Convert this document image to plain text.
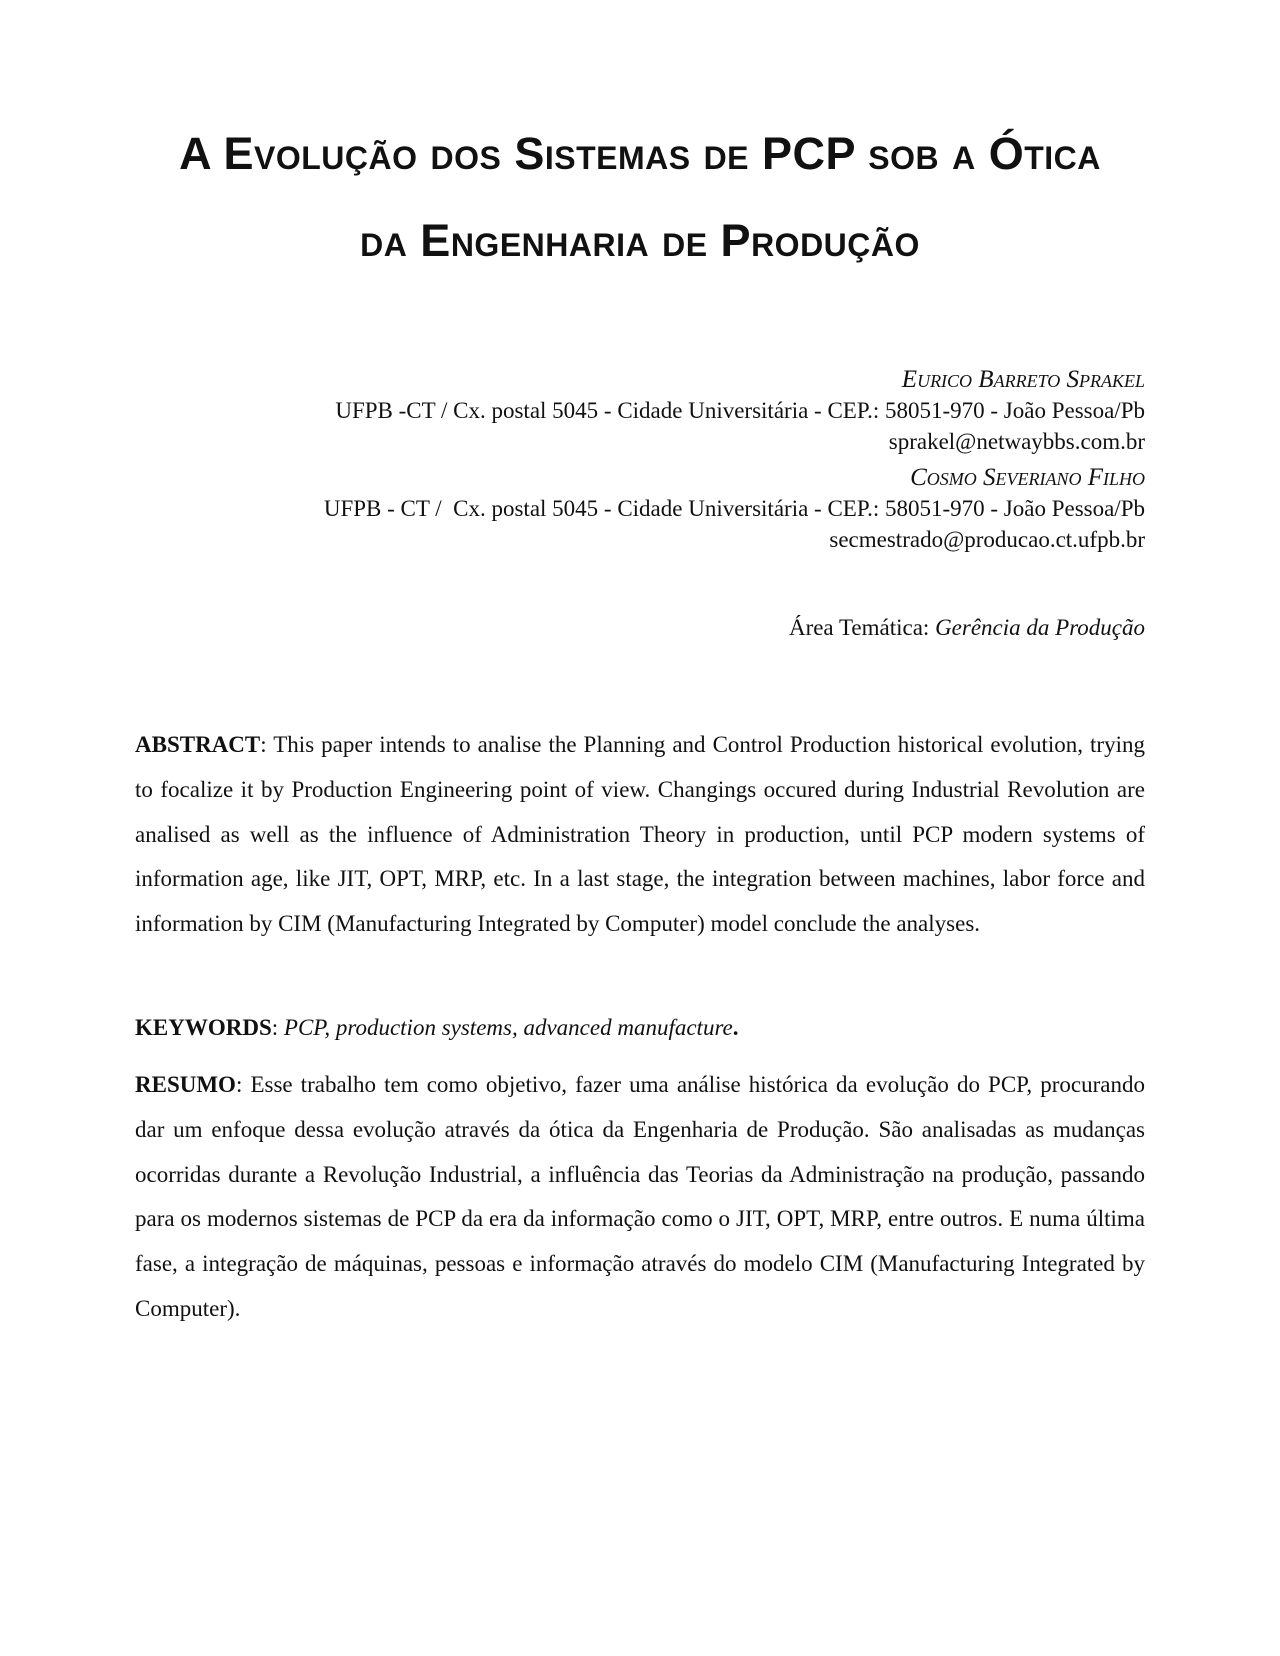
A Evolução dos Sistemas de PCP sob a Ótica
da Engenharia de Produção
Eurico Barreto Sprakel
UFPB -CT / Cx. postal 5045 - Cidade Universitária - CEP.: 58051-970 - João Pessoa/Pb
sprakel@netwaybbs.com.br
Cosmo Severiano Filho
UFPB - CT /  Cx. postal 5045 - Cidade Universitária - CEP.: 58051-970 - João Pessoa/Pb
secmestrado@producao.ct.ufpb.br
Área Temática: Gerência da Produção

ABSTRACT: This paper intends to analise the Planning and Control Production historical evolution, trying to focalize it by Production Engineering point of view. Changings occured during Industrial Revolution are analised as well as the influence of Administration Theory in production, until PCP modern systems of information age, like JIT, OPT, MRP, etc. In a last stage, the integration between machines, labor force and information by CIM (Manufacturing Integrated by Computer) model conclude the analyses.

KEYWORDS: PCP, production systems, advanced manufacture.

RESUMO: Esse trabalho tem como objetivo, fazer uma análise histórica da evolução do PCP, procurando dar um enfoque dessa evolução através da ótica da Engenharia de Produção. São analisadas as mudanças ocorridas durante a Revolução Industrial, a influência das Teorias da Administração na produção, passando para os modernos sistemas de PCP da era da informação como o JIT, OPT, MRP, entre outros. E numa última fase, a integração de máquinas, pessoas e informação através do modelo CIM (Manufacturing Integrated by Computer).
